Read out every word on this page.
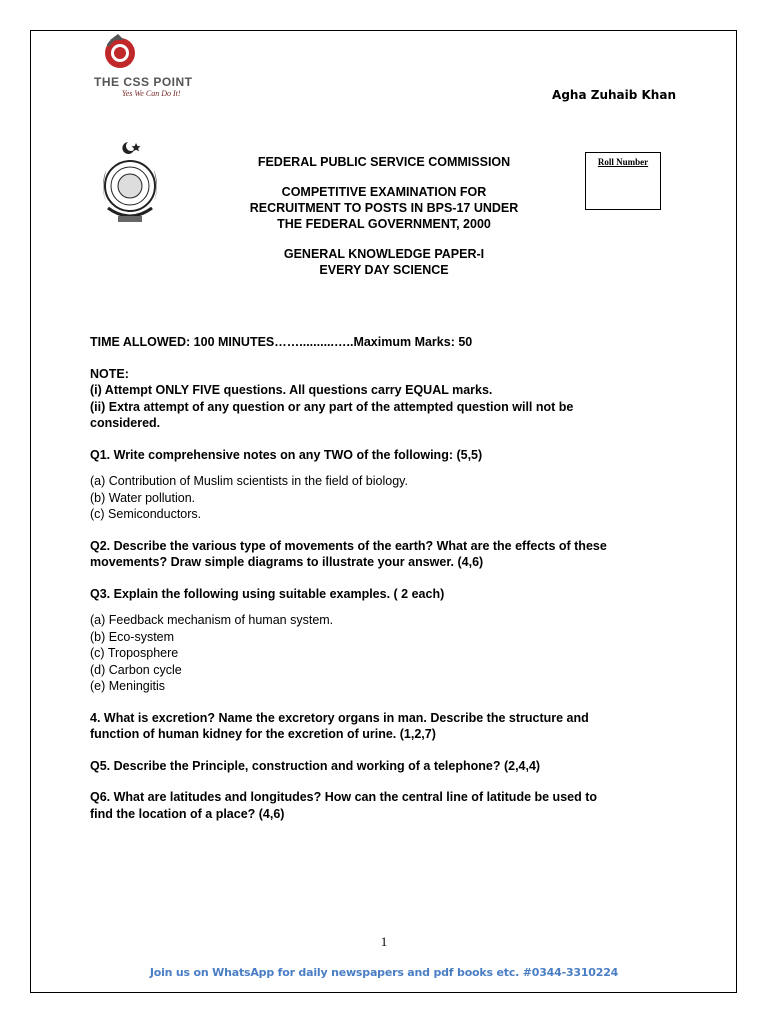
THE CSS POINT
Yes We Can Do It!	Agha Zuhaib Khan
FEDERAL PUBLIC SERVICE COMMISSION
COMPETITIVE EXAMINATION FOR
RECRUITMENT TO POSTS IN BPS-17 UNDER
THE FEDERAL GOVERNMENT, 2000
GENERAL KNOWLEDGE PAPER-I
EVERY DAY SCIENCE
Roll Number
TIME ALLOWED: 100 MINUTES……..........…..Maximum Marks: 50
NOTE:
(i) Attempt ONLY FIVE questions. All questions carry EQUAL marks.
(ii) Extra attempt of any question or any part of the attempted question will not be
considered.
Q1. Write comprehensive notes on any TWO of the following: (5,5)
(a) Contribution of Muslim scientists in the field of biology.
(b) Water pollution.
(c) Semiconductors.
Q2. Describe the various type of movements of the earth? What are the effects of these
movements? Draw simple diagrams to illustrate your answer. (4,6)
Q3. Explain the following using suitable examples. ( 2 each)
(a) Feedback mechanism of human system.
(b) Eco-system
(c) Troposphere
(d) Carbon cycle
(e) Meningitis
4. What is excretion? Name the excretory organs in man. Describe the structure and
function of human kidney for the excretion of urine. (1,2,7)
Q5. Describe the Principle, construction and working of a telephone? (2,4,4)
Q6. What are latitudes and longitudes? How can the central line of latitude be used to
find the location of a place? (4,6)
1
Join us on WhatsApp for daily newspapers and pdf books etc. #0344-3310224
